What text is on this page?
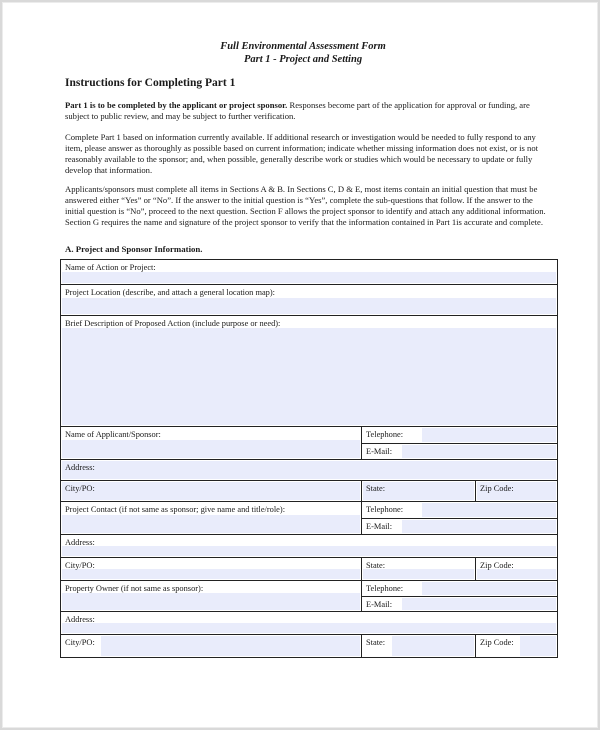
Full Environmental Assessment Form
Part 1 - Project and Setting
Instructions for Completing Part 1
Part 1 is to be completed by the applicant or project sponsor. Responses become part of the application for approval or funding, are subject to public review, and may be subject to further verification.
Complete Part 1 based on information currently available. If additional research or investigation would be needed to fully respond to any item, please answer as thoroughly as possible based on current information; indicate whether missing information does not exist, or is not reasonably available to the sponsor; and, when possible, generally describe work or studies which would be necessary to update or fully develop that information.
Applicants/sponsors must complete all items in Sections A & B. In Sections C, D & E, most items contain an initial question that must be answered either “Yes” or “No”. If the answer to the initial question is “Yes”, complete the sub-questions that follow. If the answer to the initial question is “No”, proceed to the next question. Section F allows the project sponsor to identify and attach any additional information. Section G requires the name and signature of the project sponsor to verify that the information contained in Part 1is accurate and complete.
A. Project and Sponsor Information.
Name of Action or Project:
Project Location (describe, and attach a general location map):
Brief Description of Proposed Action (include purpose or need):
Name of Applicant/Sponsor:	Telephone:
E-Mail:
Address:
City/PO:	State:	Zip Code:
Project Contact (if not same as sponsor; give name and title/role):	Telephone:
E-Mail:
Address:
City/PO:	State:	Zip Code:
Property Owner (if not same as sponsor):	Telephone:
E-Mail:
Address:
City/PO:	State:	Zip Code:
